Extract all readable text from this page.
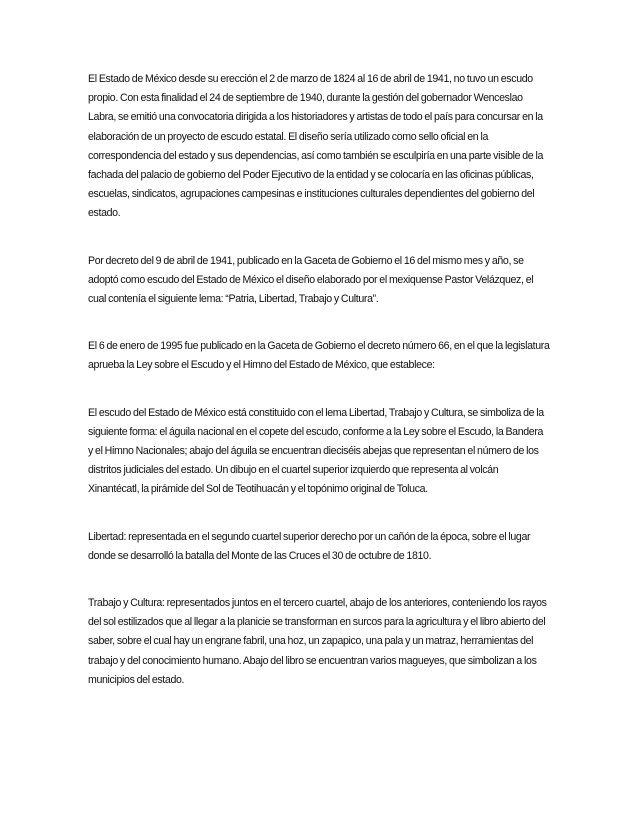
El Estado de México desde su erección el 2 de marzo de 1824 al 16 de abril de 1941, no tuvo un escudo propio. Con esta finalidad el 24 de septiembre de 1940, durante la gestión del gobernador Wenceslao Labra, se emitió una convocatoria dirigida a los historiadores y artistas de todo el país para concursar en la elaboración de un proyecto de escudo estatal. El diseño sería utilizado como sello oficial en la correspondencia del estado y sus dependencias, así como también se esculpiría en una parte visible de la fachada del palacio de gobierno del Poder Ejecutivo de la entidad y se colocaría en las oficinas públicas, escuelas, sindicatos, agrupaciones campesinas e instituciones culturales dependientes del gobierno del estado.

Por decreto del 9 de abril de 1941, publicado en la Gaceta de Gobierno el 16 del mismo mes y año, se adoptó como escudo del Estado de México el diseño elaborado por el mexiquense Pastor Velázquez, el cual contenía el siguiente lema: “Patria, Libertad, Trabajo y Cultura”.

El 6 de enero de 1995 fue publicado en la Gaceta de Gobierno el decreto número 66, en el que la legislatura aprueba la Ley sobre el Escudo y el Himno del Estado de México, que establece:

El escudo del Estado de México está constituido con el lema Libertad, Trabajo y Cultura, se simboliza de la siguiente forma: el águila nacional en el copete del escudo, conforme a la Ley sobre el Escudo, la Bandera y el Himno Nacionales; abajo del águila se encuentran dieciséis abejas que representan el número de los distritos judiciales del estado. Un dibujo en el cuartel superior izquierdo que representa al volcán Xinantécatl, la pirámide del Sol de Teotihuacán y el topónimo original de Toluca.

Libertad: representada en el segundo cuartel superior derecho por un cañón de la época, sobre el lugar donde se desarrolló la batalla del Monte de las Cruces el 30 de octubre de 1810.

Trabajo y Cultura: representados juntos en el tercero cuartel, abajo de los anteriores, conteniendo los rayos del sol estilizados que al llegar a la planicie se transforman en surcos para la agricultura y el libro abierto del saber, sobre el cual hay un engrane fabril, una hoz, un zapapico, una pala y un matraz, herramientas del trabajo y del conocimiento humano. Abajo del libro se encuentran varios magueyes, que simbolizan a los municipios del estado.
